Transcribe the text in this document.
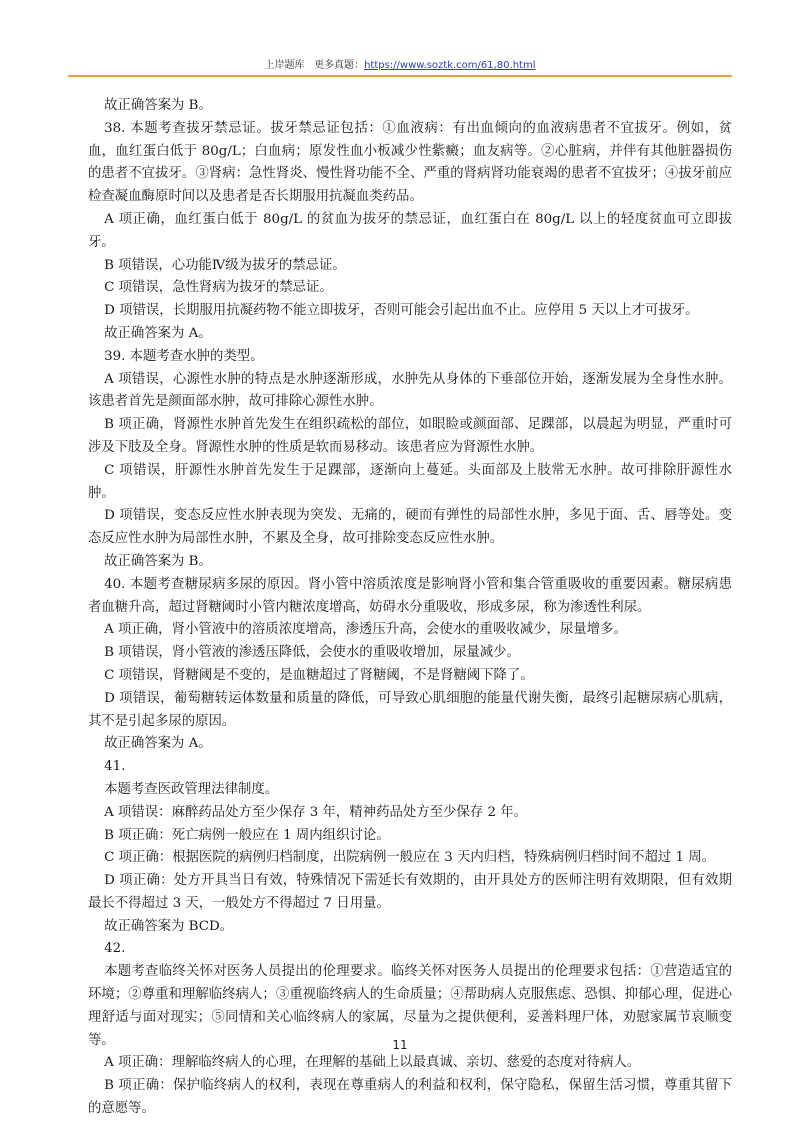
上岸题库 更多真题：https://www.soztk.com/61,80.html

故正确答案为 B。

38. 本题考查拔牙禁忌证。拔牙禁忌证包括：①血液病：有出血倾向的血液病患者不宜拔牙。例如，贫血，血红蛋白低于 80g/L；白血病；原发性血小板减少性紫癜；血友病等。②心脏病，并伴有其他脏器损伤的患者不宜拔牙。③肾病：急性肾炎、慢性肾功能不全、严重的肾病肾功能衰竭的患者不宜拔牙；④拔牙前应检查凝血酶原时间以及患者是否长期服用抗凝血类药品。

A 项正确，血红蛋白低于 80g/L 的贫血为拔牙的禁忌证，血红蛋白在 80g/L 以上的轻度贫血可立即拔牙。

B 项错误，心功能Ⅳ级为拔牙的禁忌证。

C 项错误，急性肾病为拔牙的禁忌证。

D 项错误，长期服用抗凝药物不能立即拔牙，否则可能会引起出血不止。应停用 5 天以上才可拔牙。

故正确答案为 A。

39. 本题考查水肿的类型。

A 项错误，心源性水肿的特点是水肿逐渐形成，水肿先从身体的下垂部位开始，逐渐发展为全身性水肿。该患者首先是颜面部水肿，故可排除心源性水肿。

B 项正确，肾源性水肿首先发生在组织疏松的部位，如眼睑或颜面部、足踝部，以晨起为明显，严重时可涉及下肢及全身。肾源性水肿的性质是软而易移动。该患者应为肾源性水肿。

C 项错误，肝源性水肿首先发生于足踝部，逐渐向上蔓延。头面部及上肢常无水肿。故可排除肝源性水肿。

D 项错误，变态反应性水肿表现为突发、无痛的，硬而有弹性的局部性水肿，多见于面、舌、唇等处。变态反应性水肿为局部性水肿，不累及全身，故可排除变态反应性水肿。

故正确答案为 B。

40. 本题考查糖尿病多尿的原因。肾小管中溶质浓度是影响肾小管和集合管重吸收的重要因素。糖尿病患者血糖升高，超过肾糖阈时小管内糖浓度增高，妨碍水分重吸收，形成多尿，称为渗透性利尿。

A 项正确，肾小管液中的溶质浓度增高，渗透压升高，会使水的重吸收减少，尿量增多。

B 项错误，肾小管液的渗透压降低，会使水的重吸收增加，尿量减少。

C 项错误，肾糖阈是不变的，是血糖超过了肾糖阈，不是肾糖阈下降了。

D 项错误，葡萄糖转运体数量和质量的降低，可导致心肌细胞的能量代谢失衡，最终引起糖尿病心肌病，其不是引起多尿的原因。

故正确答案为 A。

41.

本题考查医政管理法律制度。

A 项错误：麻醉药品处方至少保存 3 年，精神药品处方至少保存 2 年。

B 项正确：死亡病例一般应在 1 周内组织讨论。

C 项正确：根据医院的病例归档制度，出院病例一般应在 3 天内归档，特殊病例归档时间不超过 1 周。

D 项正确：处方开具当日有效，特殊情况下需延长有效期的，由开具处方的医师注明有效期限，但有效期最长不得超过 3 天，一般处方不得超过 7 日用量。

故正确答案为 BCD。

42.

本题考查临终关怀对医务人员提出的伦理要求。临终关怀对医务人员提出的伦理要求包括：①营造适宜的环境；②尊重和理解临终病人；③重视临终病人的生命质量；④帮助病人克服焦虑、恐惧、抑郁心理，促进心理舒适与面对现实；⑤同情和关心临终病人的家属，尽量为之提供便利，妥善料理尸体，劝慰家属节哀顺变等。

A 项正确：理解临终病人的心理，在理解的基础上以最真诚、亲切、慈爱的态度对待病人。

B 项正确：保护临终病人的权利，表现在尊重病人的利益和权利，保守隐私，保留生活习惯，尊重其留下的意愿等。

11
